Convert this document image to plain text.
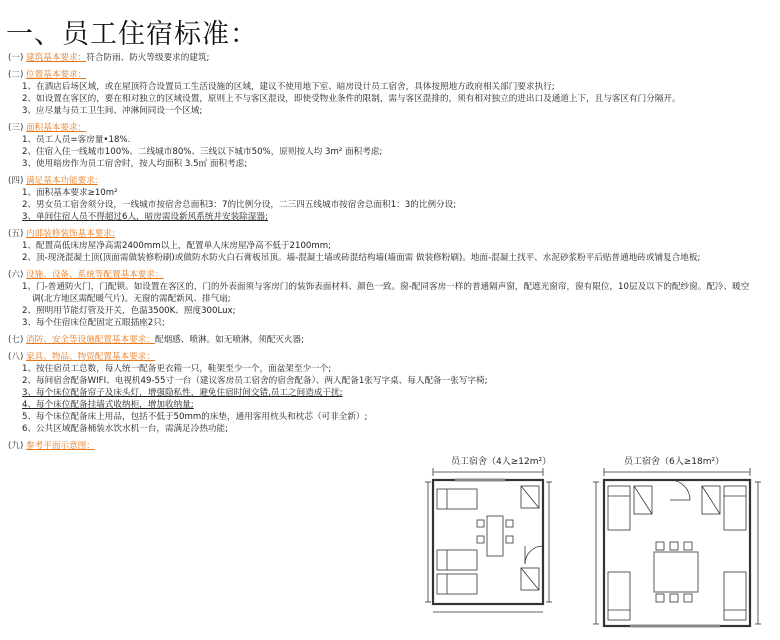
一、员工住宿标准：
(一) 建筑基本要求：符合防雨、防火等级要求的建筑;
(二) 位置基本要求：
1、在酒店后场区域，或在屋顶符合设置员工生活设施的区域，建议不使用地下室、暗房设计员工宿舍，具体按照地方政府相关部门要求执行;
2、如设置在客区的，要在相对独立的区域设置，原则上不与客区混设，即使受物业条件的限制，需与客区混排的，须有相对独立的进出口及通道上下，且与客区有门分隔开。
3、应尽量与员工卫生间、冲淋间同设一个区域;
(三) 面积基本要求：
1、员工人员=客房量•18%.
2、住宿入住一线城市100%、二线城市80%、三线以下城市50%，原则按人均 3m² 面积考虑;
3、使用暗房作为员工宿舍时，按人均面积 3.5㎡ 面积考虑;
(四) 满足基本功能要求:
1、面积基本要求≥10m²
2、男女员工宿舍须分设，一线城市按宿舍总面积3：7的比例分设，二三四五线城市按宿舍总面积1：3的比例分设;
3、单间住宿人员不得超过6人，暗房需设新风系统并安装除湿器;
(五) 内部装修装饰基本要求:
1、配置高低床房屋净高需2400mm以上，配置单人床房屋净高不低于2100mm;
2、顶-现浇混凝土顶(顶面需做装修粉刷)或做防水防火白石膏板吊顶。墙-混凝土墙或砖混结构墙(墙面需 做装修粉刷)。地面-混凝土找平、水泥砂浆粉平后贴普通地砖或铺复合地板;
(六) 设施、设备、系统等配置基本要求：
1、门-普通防火门，门配锁。如设置在客区的，门的外表面须与客房门的装饰表面材料、颜色一致。窗-配同客房一样的普通隔声窗，配遮光窗帘，窗有限位，10层及以下的配纱窗。配冷、暖空
调(北方地区需配暖气片)。无窗的需配新风、排气扇;
2、照明用节能灯管及开关，色温3500K、照度300Lux;
3、每个住宿床位配固定五眼插座2只;
(七) 消防、安全等设施配置基本要求：配烟感、喷淋。如无喷淋，须配灭火器;
(八) 家具、物品、物资配置基本要求：
1、按住宿员工总数，每人统一配备更衣箱一只，鞋架至少一个，面盆架至少一个;
2、每间宿舍配备WIFI、电视机49-55寸一台（建议客房员工宿舍的宿舍配备）、两人配备1张写字桌、每人配备一张写字椅;
3、每个床位配备帘子及床头灯，增强隐私性，避免住宿时间交错,员工之间造成干扰;
4、每个床位配备挂墙式收纳柜，增加收纳量;
5、每个床位配备床上用品，包括不低于50mm的床垫，通用客用枕头和枕芯（可非全新）;
6、公共区域配备桶装水饮水机一台，需满足冷热功能;
(九) 参考平面示意图：
员工宿舍（4人≥12m²）	员工宿舍（6人≥18m²）
